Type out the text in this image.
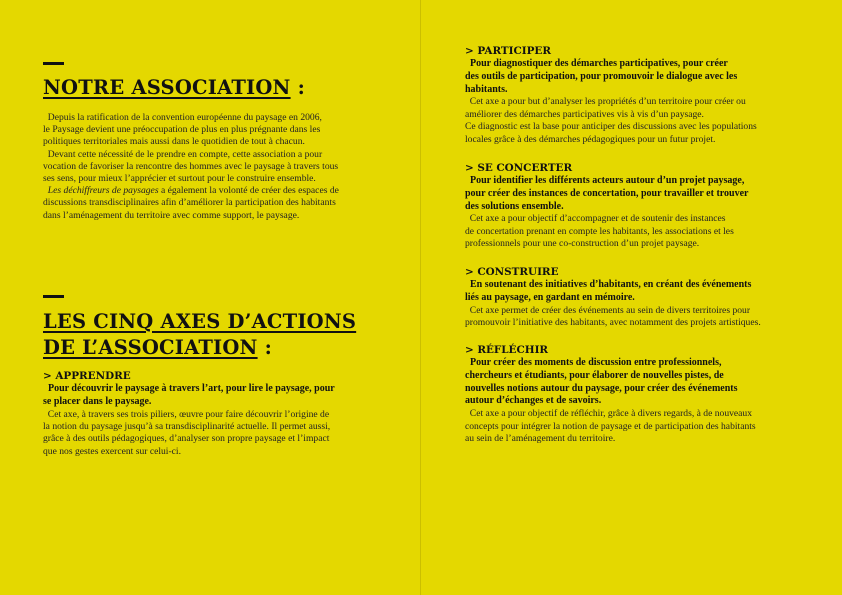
NOTRE ASSOCIATION :

Depuis la ratification de la convention européenne du paysage en 2006,

le Paysage devient une préoccupation de plus en plus prégnante dans les

politiques territoriales mais aussi dans le quotidien de tout à chacun.

Devant cette nécessité de le prendre en compte, cette association a pour

vocation de favoriser la rencontre des hommes avec le paysage à travers tous

ses sens, pour mieux l’apprécier et surtout pour le construire ensemble.

Les déchiffreurs de paysages a également la volonté de créer des espaces de

discussions transdisciplinaires afin d’améliorer la participation des habitants

dans l’aménagement du territoire avec comme support, le paysage.

LES CINQ AXES D’ACTIONS
DE L’ASSOCIATION :

> APPRENDRE

Pour découvrir le paysage à travers l’art, pour lire le paysage, pour

se placer dans le paysage.

Cet axe, à travers ses trois piliers, œuvre pour faire découvrir l’origine de

la notion du paysage jusqu’à sa transdisciplinarité actuelle. Il permet aussi,

grâce à des outils pédagogiques, d’analyser son propre paysage et l’impact

que nos gestes exercent sur celui-ci.

> PARTICIPER

Pour diagnostiquer des démarches participatives, pour créer

des outils de participation, pour promouvoir le dialogue avec les

habitants.

Cet axe a pour but d’analyser les propriétés d’un territoire pour créer ou

améliorer des démarches participatives vis à vis d’un paysage.

Ce diagnostic est la base pour anticiper des discussions avec les populations

locales grâce à des démarches pédagogiques pour un futur projet.

> SE CONCERTER

Pour identifier les différents acteurs autour d’un projet paysage,

pour créer des instances de concertation, pour travailler et trouver

des solutions ensemble.

Cet axe a pour objectif d’accompagner et de soutenir des instances

de concertation prenant en compte les habitants, les associations et les

professionnels pour une co-construction d’un projet paysage.

> CONSTRUIRE

En soutenant des initiatives d’habitants, en créant des événements

liés au paysage, en gardant en mémoire.

Cet axe permet de créer des événements au sein de divers territoires pour

promouvoir l’initiative des habitants, avec notamment des projets artistiques.

> RÉFLÉCHIR

Pour créer des moments de discussion entre professionnels,

chercheurs et étudiants, pour élaborer de nouvelles pistes, de

nouvelles notions autour du paysage, pour créer des événements

autour d’échanges et de savoirs.

Cet axe a pour objectif de réfléchir, grâce à divers regards, à de nouveaux

concepts pour intégrer la notion de paysage et de participation des habitants

au sein de l’aménagement du territoire.
